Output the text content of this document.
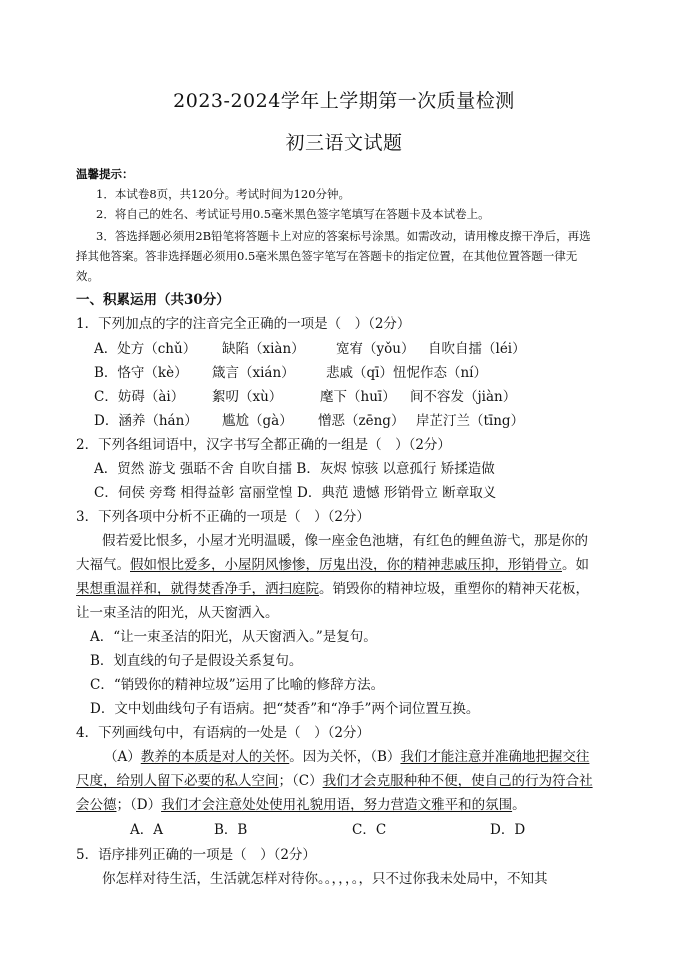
2023-2024学年上学期第一次质量检测
初三语文试题
温馨提示：
1．本试卷8页，共120分。考试时间为120分钟。
2．将自己的姓名、考试证号用0.5毫米黑色签字笔填写在答题卡及本试卷上。
3．答选择题必须用2B铅笔将答题卡上对应的答案标号涂黑。如需改动，请用橡皮擦干净后，再选
择其他答案。答非选择题必须用0.5毫米黑色签字笔写在答题卡的指定位置，在其他位置答题一律无
效。
一、积累运用（共30分）
1．下列加点的字的注音完全正确的一项是（　）（2分）
A．处方（chǔ） 缺陷（xiàn） 宽宥（yǒu） 自吹自擂（léi）
B．恪守（kè） 箴言（xián） 悲戚（qī）忸怩作态（ní）
C．妨碍（ài） 絮叨（xù）	麾下（huī） 间不容发（jiàn）
D．涵养（hán） 尴尬（gà） 憎恶（zēng） 岸芷汀兰（tīng）
2．下列各组词语中，汉字书写全都正确的一组是（　）（2分）
A．贸然 游戈 强聒不舍 自吹自擂 B．灰烬 惊骇 以意孤行 矫揉造做
C．伺侯 旁骛 相得益彰 富丽堂惶 D．典范 遗憾 形销骨立 断章取义
3．下列各项中分析不正确的一项是（　）（2分）
假若爱比恨多，小屋才光明温暖，像一座金色池塘，有红色的鲤鱼游弋，那是你的
大福气。假如恨比爱多，小屋阴风惨惨，厉鬼出没，你的精神悲戚压抑，形销骨立。如
果想重温祥和，就得焚香净手，洒扫庭院。销毁你的精神垃圾，重塑你的精神天花板，
让一束圣洁的阳光，从天窗洒入。
A．“让一束圣洁的阳光，从天窗洒入。”是复句。
B．划直线的句子是假设关系复句。
C．“销毁你的精神垃圾”运用了比喻的修辞方法。
D．文中划曲线句子有语病。把“焚香”和“净手”两个词位置互换。
4．下列画线句中，有语病的一处是（　）（2分）
（A）教养的本质是对人的关怀。因为关怀，（B）我们才能注意并准确地把握交往
尺度，给别人留下必要的私人空间；（C）我们才会克服种种不便，使自己的行为符合社
会公德；（D）我们才会注意处处使用礼貌用语，努力营造文雅平和的氛围。
A．A	B．B	C．C	D．D
5．语序排列正确的一项是（　）（2分）
你怎样对待生活，生活就怎样对待你。。，，，。，只不过你我未处局中，不知其
